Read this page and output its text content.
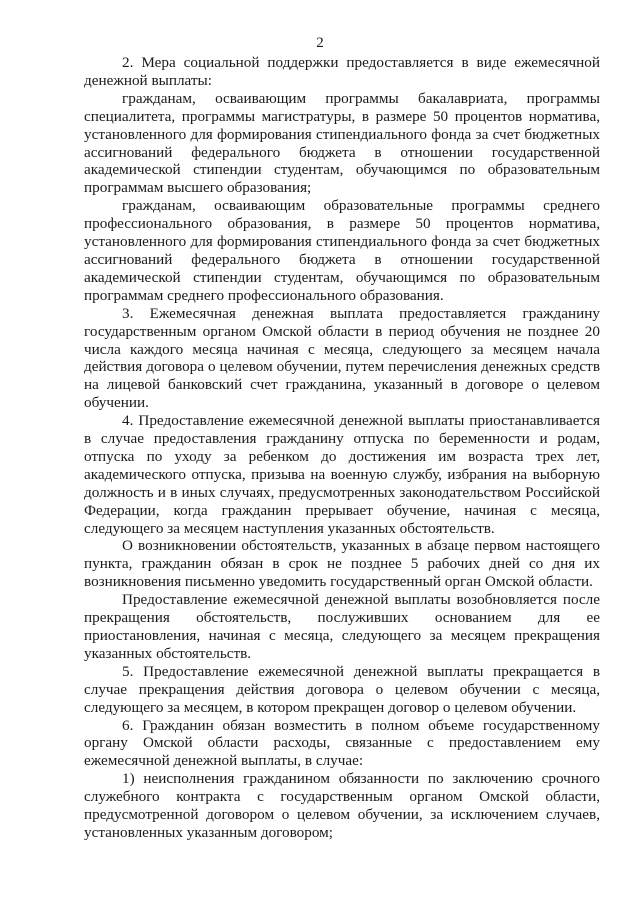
2

2. Мера социальной поддержки предоставляется в виде ежемесячной денежной выплаты:

гражданам, осваивающим программы бакалавриата, программы специалитета, программы магистратуры, в размере 50 процентов норматива, установленного для формирования стипендиального фонда за счет бюджетных ассигнований федерального бюджета в отношении государственной академической стипендии студентам, обучающимся по образовательным программам высшего образования;

гражданам, осваивающим образовательные программы среднего профессионального образования, в размере 50 процентов норматива, установленного для формирования стипендиального фонда за счет бюджетных ассигнований федерального бюджета в отношении государственной академической стипендии студентам, обучающимся по образовательным программам среднего профессионального образования.

3. Ежемесячная денежная выплата предоставляется гражданину государственным органом Омской области в период обучения не позднее 20 числа каждого месяца начиная с месяца, следующего за месяцем начала действия договора о целевом обучении, путем перечисления денежных средств на лицевой банковский счет гражданина, указанный в договоре о целевом обучении.

4. Предоставление ежемесячной денежной выплаты приостанавливается в случае предоставления гражданину отпуска по беременности и родам, отпуска по уходу за ребенком до достижения им возраста трех лет, академического отпуска, призыва на военную службу, избрания на выборную должность и в иных случаях, предусмотренных законодательством Российской Федерации, когда гражданин прерывает обучение, начиная с месяца, следующего за месяцем наступления указанных обстоятельств.

О возникновении обстоятельств, указанных в абзаце первом настоящего пункта, гражданин обязан в срок не позднее 5 рабочих дней со дня их возникновения письменно уведомить государственный орган Омской области.

Предоставление ежемесячной денежной выплаты возобновляется после прекращения обстоятельств, послуживших основанием для ее приостановления, начиная с месяца, следующего за месяцем прекращения указанных обстоятельств.

5. Предоставление ежемесячной денежной выплаты прекращается в случае прекращения действия договора о целевом обучении с месяца, следующего за месяцем, в котором прекращен договор о целевом обучении.

6. Гражданин обязан возместить в полном объеме государственному органу Омской области расходы, связанные с предоставлением ему ежемесячной денежной выплаты, в случае:

1) неисполнения гражданином обязанности по заключению срочного служебного контракта с государственным органом Омской области, предусмотренной договором о целевом обучении, за исключением случаев, установленных указанным договором;
